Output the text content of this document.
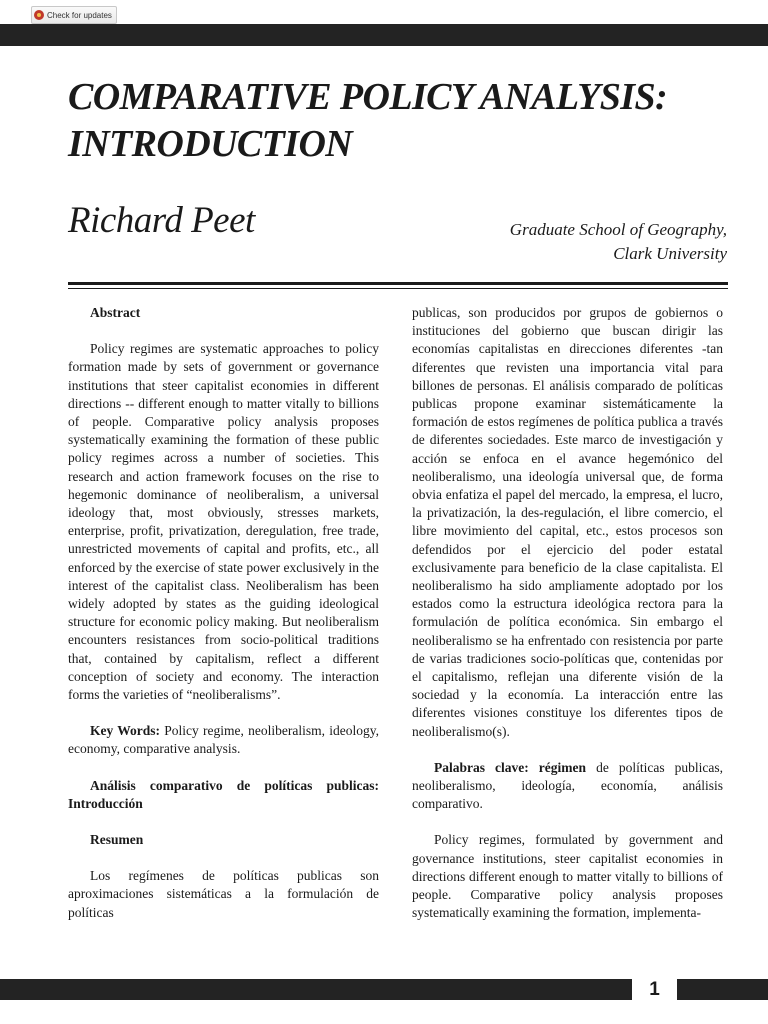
Check for updates
COMPARATIVE POLICY ANALYSIS:
INTRODUCTION
Richard Peet	Graduate School of Geography,
Clark University

Abstract

Policy regimes are systematic approaches to policy formation made by sets of government or governance institutions that steer capitalist economies in different directions -- different enough to matter vitally to billions of people. Comparative policy analysis proposes systematically examining the formation of these public policy regimes across a number of societies. This research and action framework focuses on the rise to hegemonic dominance of neoliberalism, a universal ideology that, most obviously, stresses markets, enterprise, profit, privatization, deregulation, free trade, unrestricted movements of capital and profits, etc., all enforced by the exercise of state power exclusively in the interest of the capitalist class. Neoliberalism has been widely adopted by states as the guiding ideological structure for economic policy making. But neoliberalism encounters resistances from socio-political traditions that, contained by capitalism, reflect a different conception of society and economy. The interaction forms the varieties of “neoliberalisms”.

Key Words: Policy regime, neoliberalism, ideology, economy, comparative analysis.

Análisis comparativo de políticas publicas: Introducción

Resumen

Los regímenes de políticas publicas son aproximaciones sistemáticas a la formulación de políticas

publicas, son producidos por grupos de gobiernos o instituciones del gobierno que buscan dirigir las economías capitalistas en direcciones diferentes -tan diferentes que revisten una importancia vital para billones de personas. El análisis comparado de políticas publicas propone examinar sistemáticamente la formación de estos regímenes de política publica a través de diferentes sociedades. Este marco de investigación y acción se enfoca en el avance hegemónico del neoliberalismo, una ideología universal que, de forma obvia enfatiza el papel del mercado, la empresa, el lucro, la privatización, la des-regulación, el libre comercio, el libre movimiento del capital, etc., estos procesos son defendidos por el ejercicio del poder estatal exclusivamente para beneficio de la clase capitalista. El neoliberalismo ha sido ampliamente adoptado por los estados como la estructura ideológica rectora para la formulación de política económica. Sin embargo el neoliberalismo se ha enfrentado con resistencia por parte de varias tradiciones socio-políticas que, contenidas por el capitalismo, reflejan una diferente visión de la sociedad y la economía. La interacción entre las diferentes visiones constituye los diferentes tipos de neoliberalismo(s).

Palabras clave: régimen de políticas publicas, neoliberalismo, ideología, economía, análisis comparativo.

Policy regimes, formulated by government and governance institutions, steer capitalist economies in directions different enough to matter vitally to billions of people. Comparative policy analysis proposes systematically examining the formation, implementa-

1
